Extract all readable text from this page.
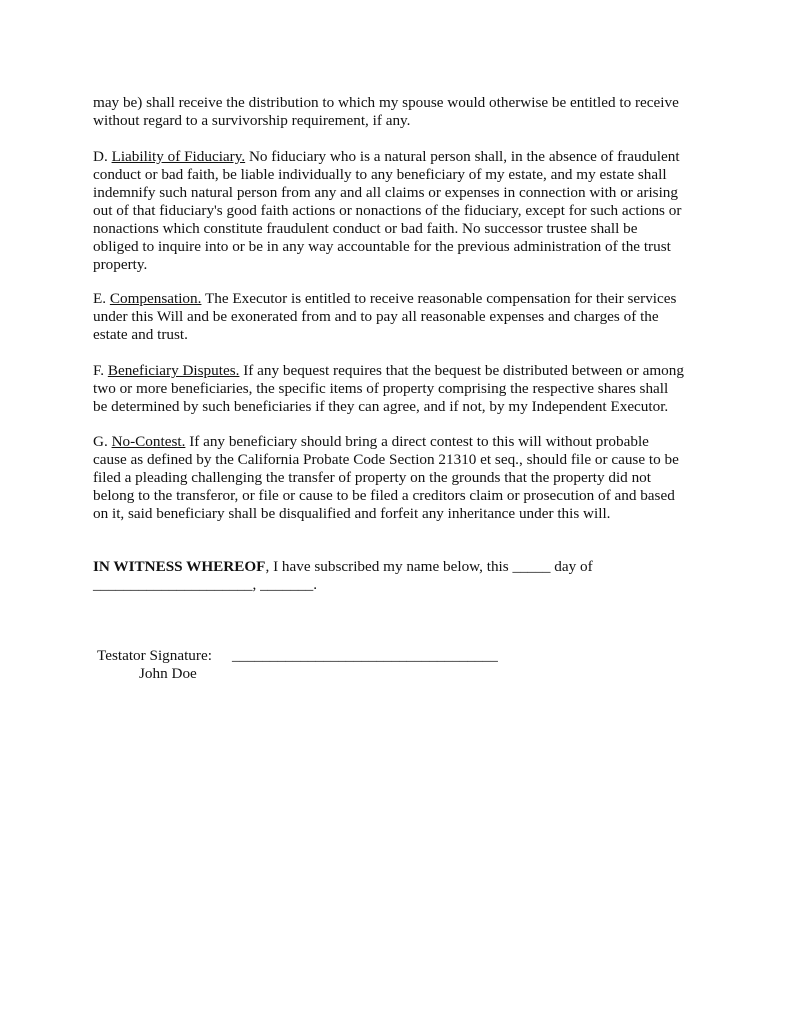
may be) shall receive the distribution to which my spouse would otherwise be entitled to receive
without regard to a survivorship requirement, if any.

D. Liability of Fiduciary. No fiduciary who is a natural person shall, in the absence of fraudulent
conduct or bad faith, be liable individually to any beneficiary of my estate, and my estate shall
indemnify such natural person from any and all claims or expenses in connection with or arising
out of that fiduciary's good faith actions or nonactions of the fiduciary, except for such actions or
nonactions which constitute fraudulent conduct or bad faith. No successor trustee shall be
obliged to inquire into or be in any way accountable for the previous administration of the trust
property.

E. Compensation. The Executor is entitled to receive reasonable compensation for their services
under this Will and be exonerated from and to pay all reasonable expenses and charges of the
estate and trust.

F. Beneficiary Disputes. If any bequest requires that the bequest be distributed between or among
two or more beneficiaries, the specific items of property comprising the respective shares shall
be determined by such beneficiaries if they can agree, and if not, by my Independent Executor.

G. No-Contest. If any beneficiary should bring a direct contest to this will without probable
cause as defined by the California Probate Code Section 21310 et seq., should file or cause to be
filed a pleading challenging the transfer of property on the grounds that the property did not
belong to the transferor, or file or cause to be filed a creditors claim or prosecution of and based
on it, said beneficiary shall be disqualified and forfeit any inheritance under this will.

IN WITNESS WHEREOF, I have subscribed my name below, this _____ day of
_____________________, _______.

Testator Signature: ___________________________________
John Doe
